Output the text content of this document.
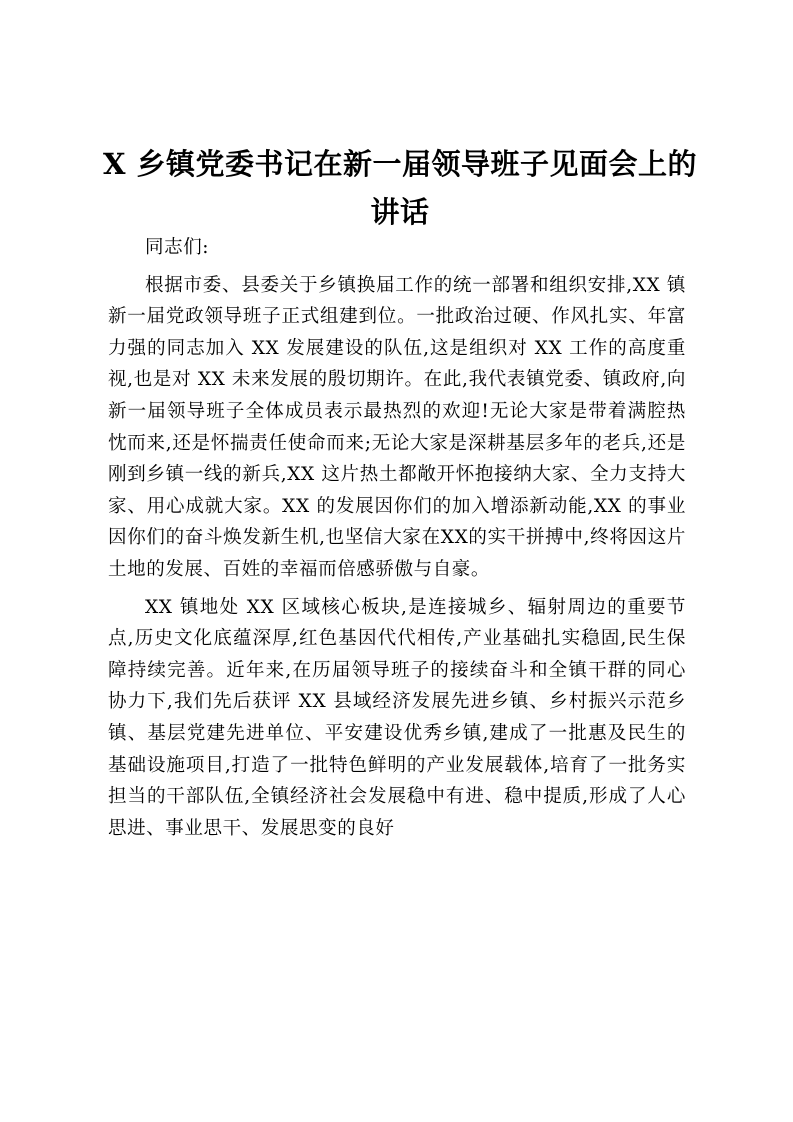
X 乡镇党委书记在新一届领导班子见面会上的讲话

同志们:

根据市委、县委关于乡镇换届工作的统一部署和组织安排,XX 镇新一届党政领导班子正式组建到位。一批政治过硬、作风扎实、年富力强的同志加入 XX 发展建设的队伍,这是组织对 XX 工作的高度重视,也是对 XX 未来发展的殷切期许。在此,我代表镇党委、镇政府,向新一届领导班子全体成员表示最热烈的欢迎!无论大家是带着满腔热忱而来,还是怀揣责任使命而来;无论大家是深耕基层多年的老兵,还是刚到乡镇一线的新兵,XX 这片热土都敞开怀抱接纳大家、全力支持大家、用心成就大家。XX 的发展因你们的加入增添新动能,XX 的事业因你们的奋斗焕发新生机,也坚信大家在XX的实干拼搏中,终将因这片土地的发展、百姓的幸福而倍感骄傲与自豪。

XX 镇地处 XX 区域核心板块,是连接城乡、辐射周边的重要节点,历史文化底蕴深厚,红色基因代代相传,产业基础扎实稳固,民生保障持续完善。近年来,在历届领导班子的接续奋斗和全镇干群的同心协力下,我们先后获评 XX 县域经济发展先进乡镇、乡村振兴示范乡镇、基层党建先进单位、平安建设优秀乡镇,建成了一批惠及民生的基础设施项目,打造了一批特色鲜明的产业发展载体,培育了一批务实担当的干部队伍,全镇经济社会发展稳中有进、稳中提质,形成了人心思进、事业思干、发展思变的良好
